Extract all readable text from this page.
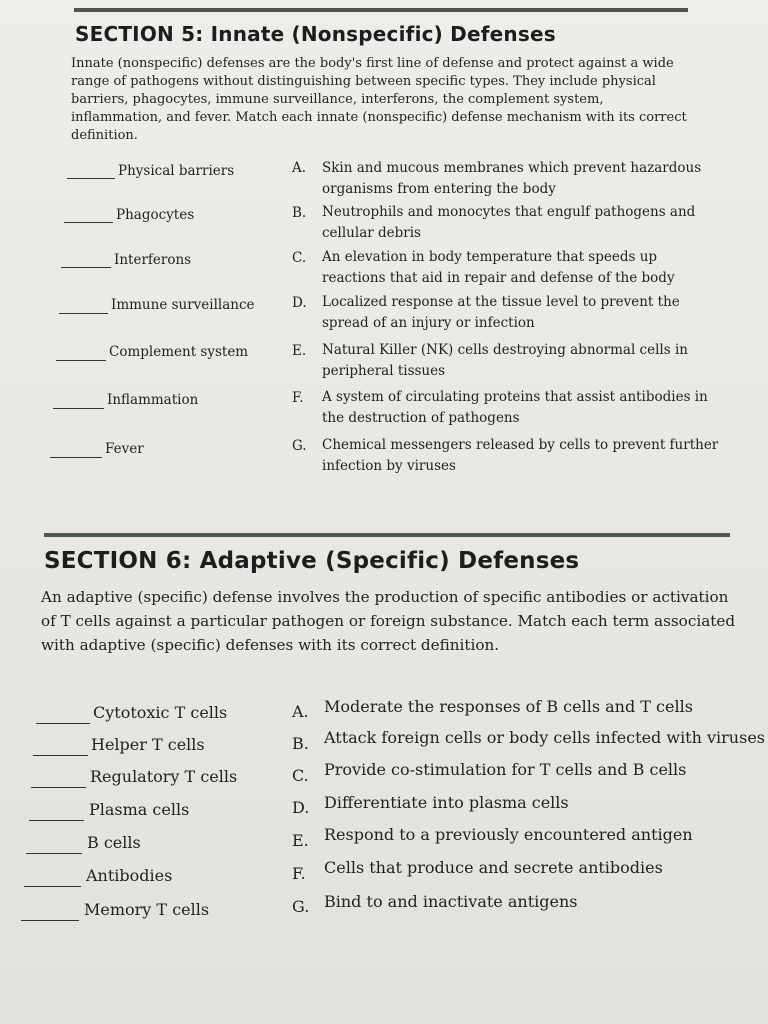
SECTION 5: Innate (Nonspecific) Defenses
Innate (nonspecific) defenses are the body's first line of defense and protect against a wide range of pathogens without distinguishing between specific types. They include physical barriers, phagocytes, immune surveillance, interferons, the complement system, inflammation, and fever. Match each innate (nonspecific) defense mechanism with its correct definition.
Physical barriers	A. Skin and mucous membranes which prevent hazardous organisms from entering the body
Phagocytes	B. Neutrophils and monocytes that engulf pathogens and cellular debris
Interferons	C. An elevation in body temperature that speeds up reactions that aid in repair and defense of the body
Immune surveillance	D. Localized response at the tissue level to prevent the spread of an injury or infection
Complement system	E. Natural Killer (NK) cells destroying abnormal cells in peripheral tissues
Inflammation	F. A system of circulating proteins that assist antibodies in the destruction of pathogens
Fever	G. Chemical messengers released by cells to prevent further infection by viruses
SECTION 6: Adaptive (Specific) Defenses
An adaptive (specific) defense involves the production of specific antibodies or activation of T cells against a particular pathogen or foreign substance. Match each term associated with adaptive (specific) defenses with its correct definition.
Cytotoxic T cells	A. Moderate the responses of B cells and T cells
Helper T cells	B. Attack foreign cells or body cells infected with viruses
Regulatory T cells	C. Provide co-stimulation for T cells and B cells
Plasma cells	D. Differentiate into plasma cells
B cells	E. Respond to a previously encountered antigen
Antibodies	F. Cells that produce and secrete antibodies
Memory T cells	G. Bind to and inactivate antigens
